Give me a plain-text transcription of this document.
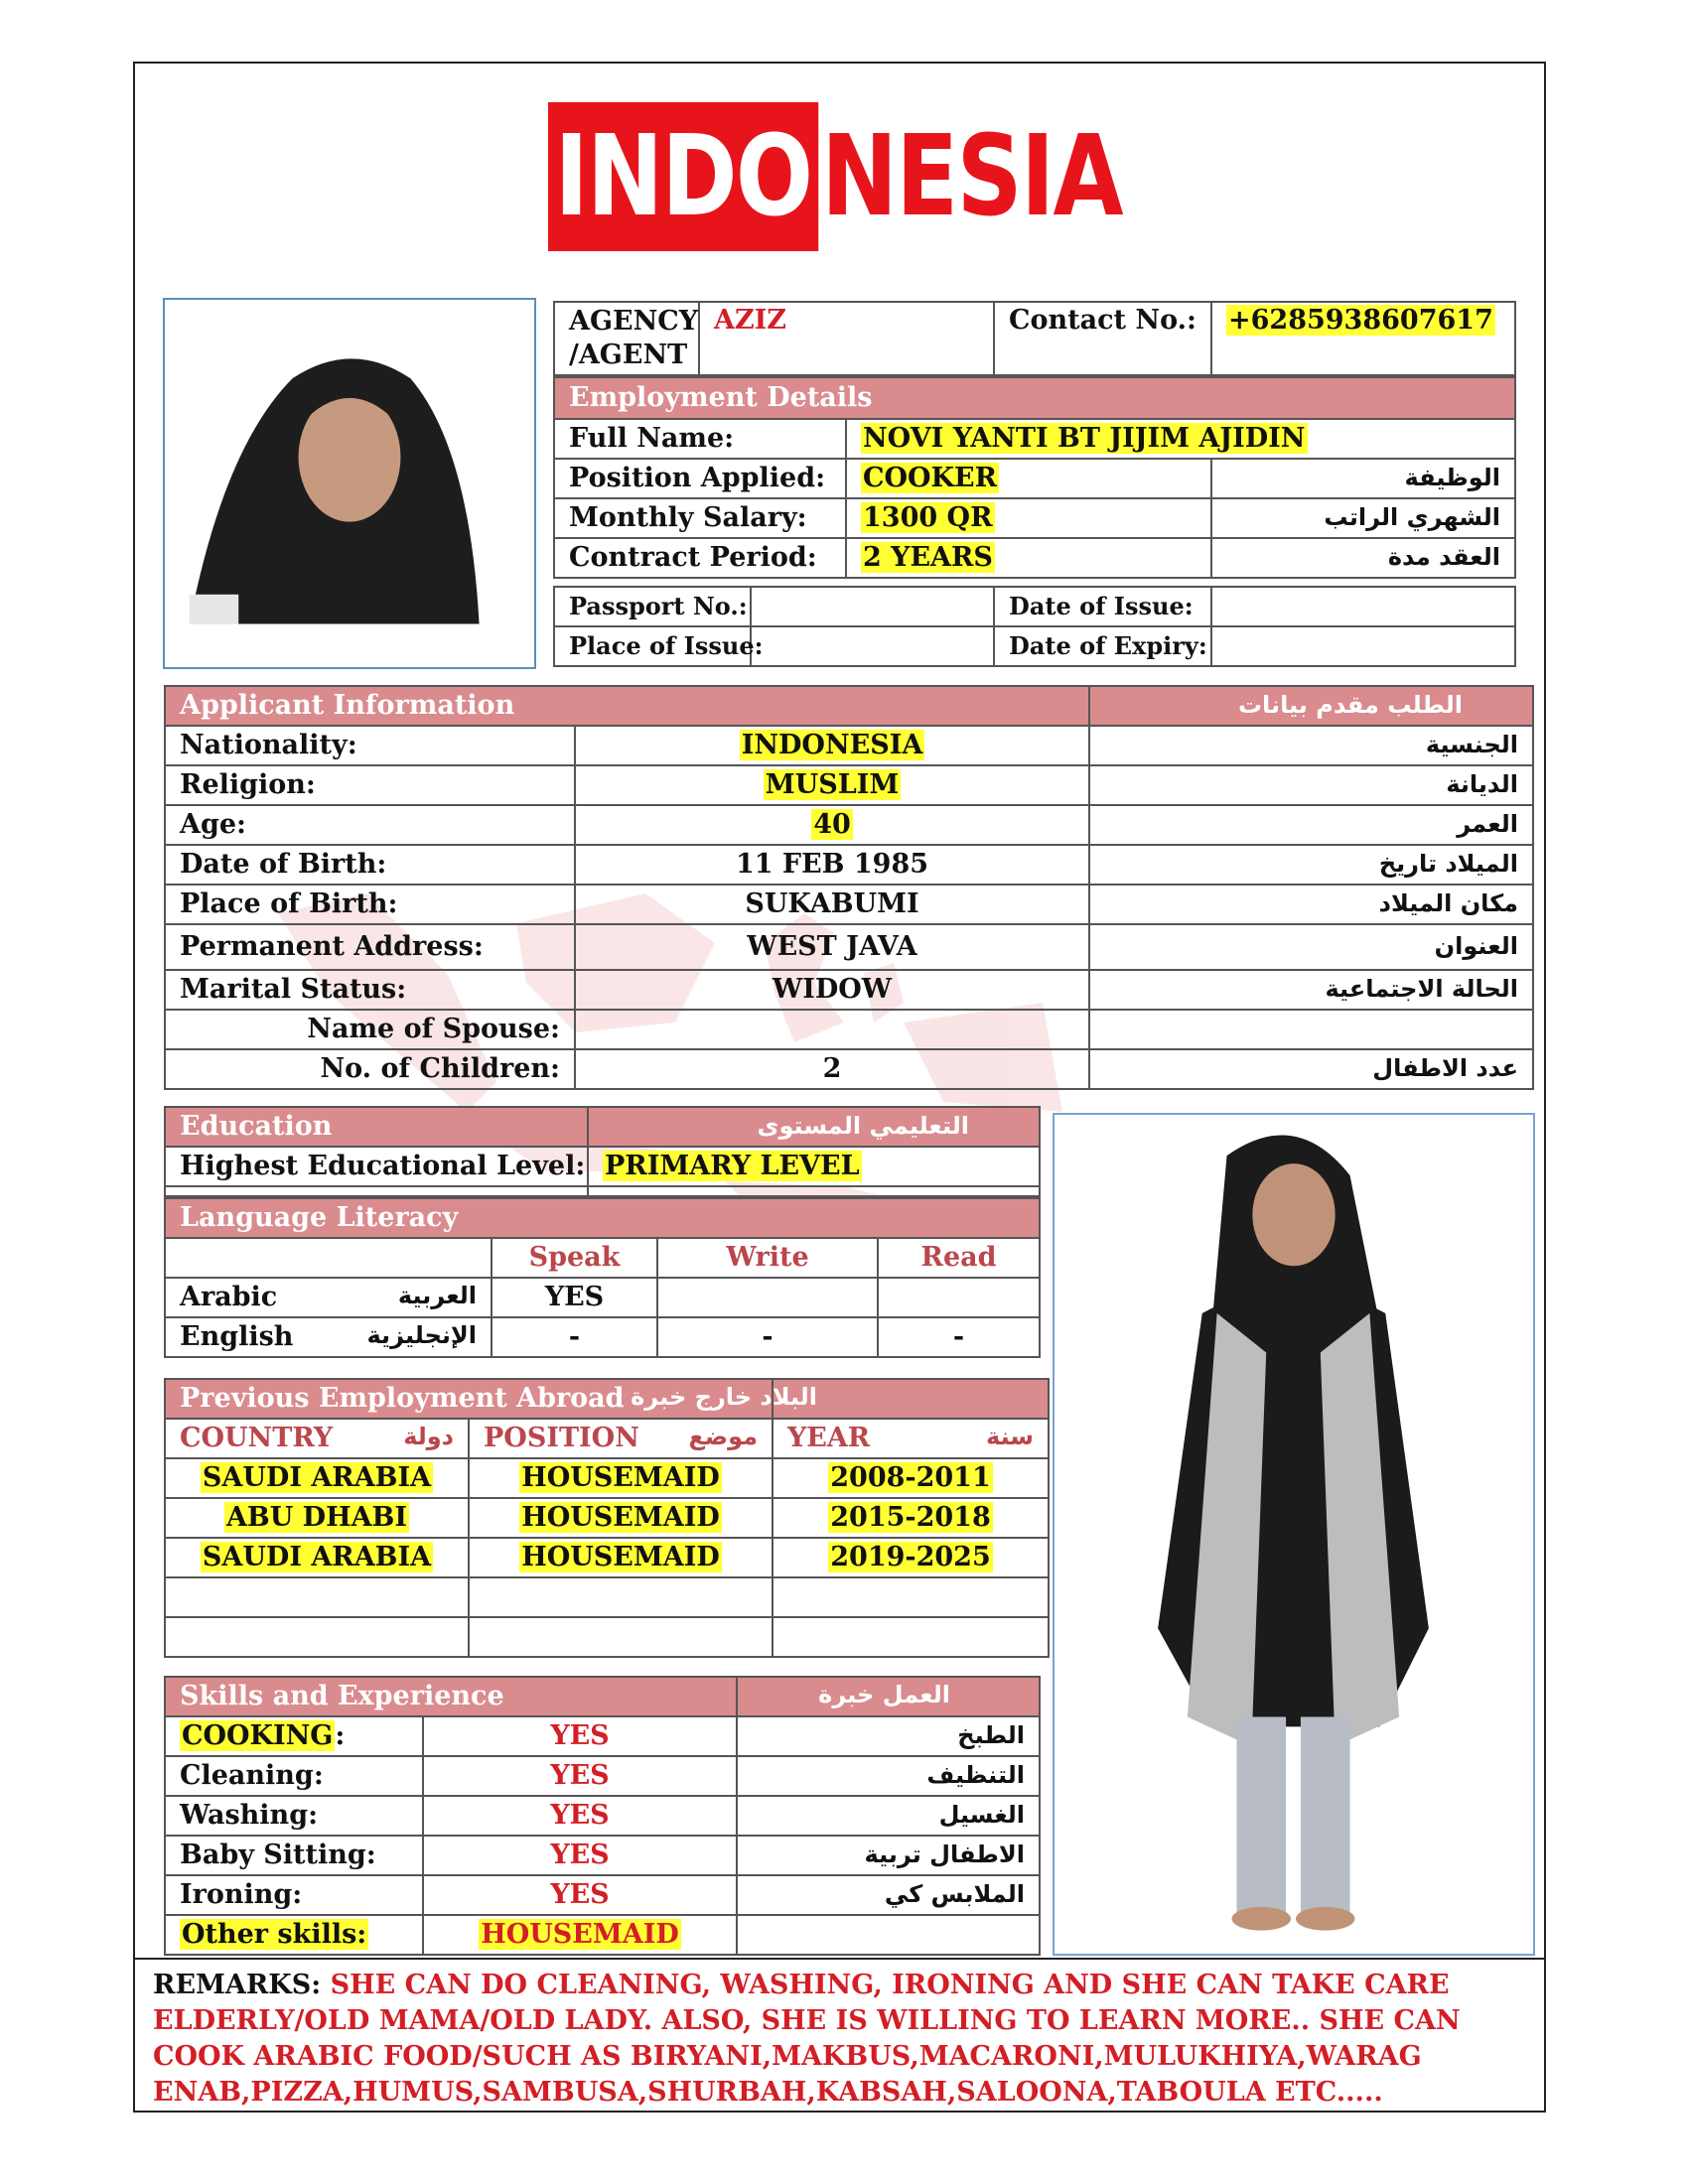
INDO NESIA
AGENCY
/AGENT	AZIZ	Contact No.:	+6285938607617
Employment Details		
Full Name:	NOVI YANTI BT JIJIM AJIDIN	
Position Applied:	COOKER	الوظيفة
Monthly Salary:	1300 QR	الشهري الراتب
Contract Period:	2 YEARS	العقد مدة
Passport No.:		Date of Issue:	
Place of Issue:		Date of Expiry:	
Applicant Information		الطلب مقدم بيانات
Nationality:	INDONESIA	الجنسية
Religion:	MUSLIM	الديانة
Age:	40	العمر
Date of Birth:	11 FEB 1985	الميلاد تاريخ
Place of Birth:	SUKABUMI	مكان الميلاد
Permanent Address:	WEST JAVA	العنوان
Marital Status:	WIDOW	الحالة الاجتماعية
Name of Spouse:		
No. of Children:	2	عدد الاطفال
Education	التعليمي المستوى
Highest Educational Level:	PRIMARY LEVEL

Language Literacy			
	Speak	Write	Read
Arabic العربية	YES		
English الإنجليزية	-	-	-
Previous Employment Abroad البلاد خارج خبرة		

COUNTRY دولة	POSITION موضع	YEAR سنة

SAUDI ARABIA	HOUSEMAID	2008-2011
ABU DHABI	HOUSEMAID	2015-2018
SAUDI ARABIA	HOUSEMAID	2019-2025

Skills and Experience العمل خبرة		

COOKING:	YES	الطبخ
Cleaning:	YES	التنظيف
Washing:	YES	الغسيل
Baby Sitting:	YES	الاطفال تربية
Ironing:	YES	الملابس كي
Other skills:	HOUSEMAID	
REMARKS: SHE CAN DO CLEANING, WASHING, IRONING AND SHE CAN TAKE CARE ELDERLY/OLD MAMA/OLD LADY. ALSO, SHE IS WILLING TO LEARN MORE.. SHE CAN COOK ARABIC FOOD/SUCH AS BIRYANI,MAKBUS,MACARONI,MULUKHIYA,WARAG ENAB,PIZZA,HUMUS,SAMBUSA,SHURBAH,KABSAH,SALOONA,TABOULA ETC.....
